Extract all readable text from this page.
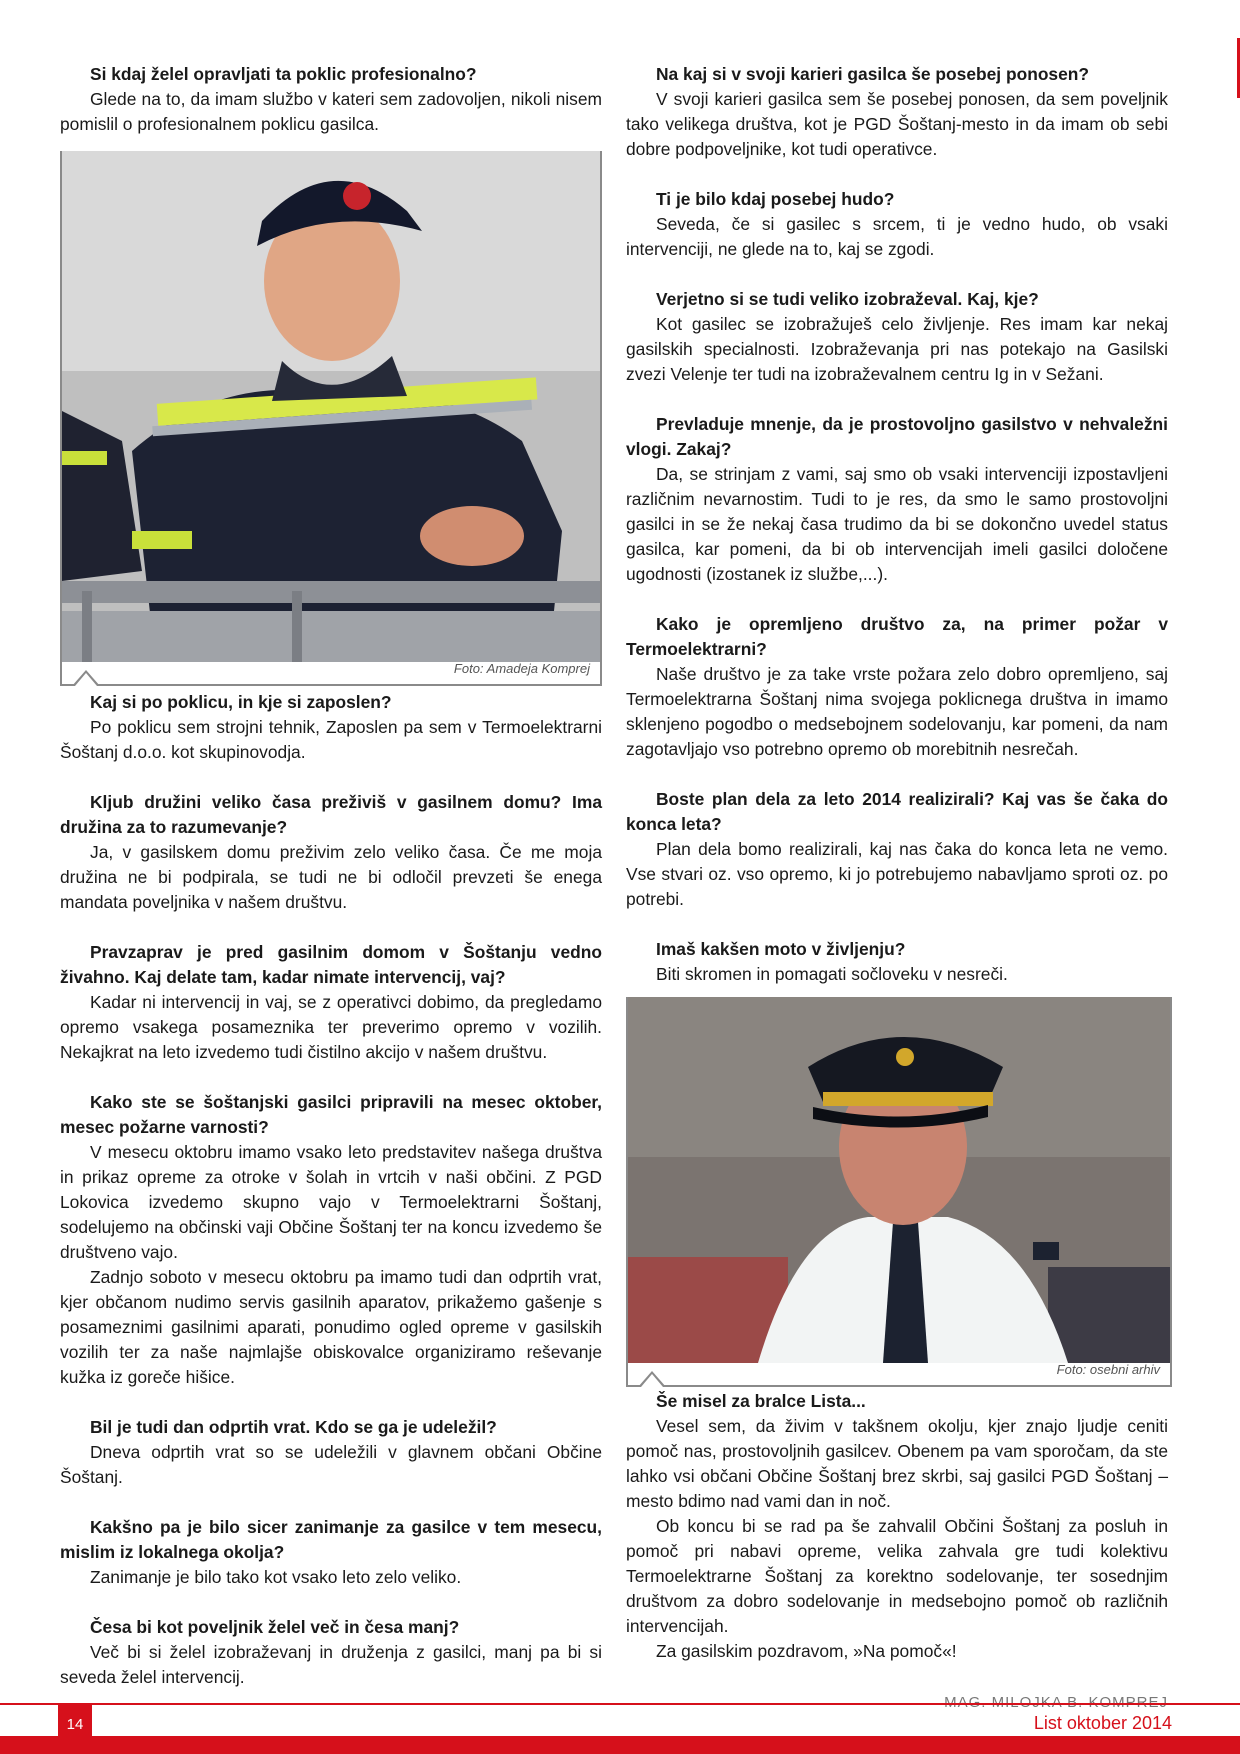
Si kdaj želel opravljati ta poklic profesionalno?

Glede na to, da imam službo v kateri sem zadovoljen, nikoli nisem pomislil o profesionalnem poklicu gasilca.

Foto: Amadeja Komprej

Kaj si po poklicu, in kje si zaposlen?

Po poklicu sem strojni tehnik, Zaposlen pa sem v Termoelektrarni Šoštanj d.o.o. kot skupinovodja.

Kljub družini veliko časa preživiš v gasilnem domu? Ima družina za to razumevanje?

Ja, v gasilskem domu preživim zelo veliko časa. Če me moja družina ne bi podpirala, se tudi ne bi odločil prevzeti še enega mandata poveljnika v našem društvu.

Pravzaprav je pred gasilnim domom v Šoštanju vedno živahno. Kaj delate tam, kadar nimate intervencij, vaj?

Kadar ni intervencij in vaj, se z operativci dobimo, da pregledamo opremo vsakega posameznika ter preverimo opremo v vozilih. Nekajkrat na leto izvedemo tudi čistilno akcijo v našem društvu.

Kako ste se šoštanjski gasilci pripravili na mesec oktober, mesec požarne varnosti?

V mesecu oktobru imamo vsako leto predstavitev našega društva in prikaz opreme za otroke v šolah in vrtcih v naši občini. Z PGD Lokovica izvedemo skupno vajo v Termoelektrarni Šoštanj, sodelujemo na občinski vaji Občine Šoštanj ter na koncu izvedemo še društveno vajo.

Zadnjo soboto v mesecu oktobru pa imamo tudi dan odprtih vrat, kjer občanom nudimo servis gasilnih aparatov, prikažemo gašenje s posameznimi gasilnimi aparati, ponudimo ogled opreme v gasilskih vozilih ter za naše najmlajše obiskovalce organiziramo reševanje kužka iz goreče hišice.

Bil je tudi dan odprtih vrat. Kdo se ga je udeležil?

Dneva odprtih vrat so se udeležili v glavnem občani Občine Šoštanj.

Kakšno pa je bilo sicer zanimanje za gasilce v tem mesecu, mislim iz lokalnega okolja?

Zanimanje je bilo tako kot vsako leto zelo veliko.

Česa bi kot poveljnik želel več in česa manj?

Več bi si želel izobraževanj in druženja z gasilci, manj pa bi si seveda želel intervencij.

Na kaj si v svoji karieri gasilca še posebej ponosen?

V svoji karieri gasilca sem še posebej ponosen, da sem poveljnik tako velikega društva, kot je PGD Šoštanj-mesto in da imam ob sebi dobre podpoveljnike, kot tudi operativce.

Ti je bilo kdaj posebej hudo?

Seveda, če si gasilec s srcem, ti je vedno hudo, ob vsaki intervenciji, ne glede na to, kaj se zgodi.

Verjetno si se tudi veliko izobraževal. Kaj, kje?

Kot gasilec se izobražuješ celo življenje. Res imam kar nekaj gasilskih specialnosti. Izobraževanja pri nas potekajo na Gasilski zvezi Velenje ter tudi na izobraževalnem centru Ig in v Sežani.

Prevladuje mnenje, da je prostovoljno gasilstvo v nehvaležni vlogi. Zakaj?

Da, se strinjam z vami, saj smo ob vsaki intervenciji izpostavljeni različnim nevarnostim. Tudi to je res, da smo le samo prostovoljni gasilci in se že nekaj časa trudimo da bi se dokončno uvedel status gasilca, kar pomeni, da bi ob intervencijah imeli gasilci določene ugodnosti (izostanek iz službe,...).

Kako je opremljeno društvo za, na primer požar v Termoelektrarni?

Naše društvo je za take vrste požara zelo dobro opremljeno, saj Termoelektrarna Šoštanj nima svojega poklicnega društva in imamo sklenjeno pogodbo o medsebojnem sodelovanju, kar pomeni, da nam zagotavljajo vso potrebno opremo ob morebitnih nesrečah.

Boste plan dela za leto 2014 realizirali? Kaj vas še čaka do konca leta?

Plan dela bomo realizirali, kaj nas čaka do konca leta ne vemo. Vse stvari oz. vso opremo, ki jo potrebujemo nabavljamo sproti oz. po potrebi.

Imaš kakšen moto v življenju?

Biti skromen in pomagati sočloveku v nesreči.

Foto: osebni arhiv

Še misel za bralce Lista...

Vesel sem, da živim v takšnem okolju, kjer znajo ljudje ceniti pomoč nas, prostovoljnih gasilcev. Obenem pa vam sporočam, da ste lahko vsi občani Občine Šoštanj brez skrbi, saj gasilci PGD Šoštanj – mesto bdimo nad vami dan in noč.

Ob koncu bi se rad pa še zahvalil Občini Šoštanj za posluh in pomoč pri nabavi opreme, velika zahvala gre tudi kolektivu Termoelektrarne Šoštanj za korektno sodelovanje, ter sosednjim društvom za dobro sodelovanje in medsebojno pomoč ob različnih intervencijah.

Za gasilskim pozdravom, »Na pomoč«!

14	List oktober 2014
